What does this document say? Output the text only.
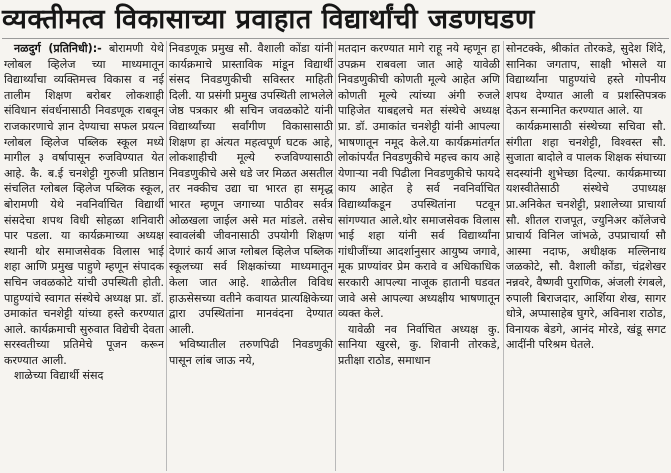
व्यक्तीमत्व विकासाच्या प्रवाहात विद्यार्थांची जडणघडण

नळदुर्ग (प्रतिनिधी):- बोरामणी येथे ग्लोबल व्हिलेज च्या माध्यमातून विद्यार्थ्यांचा व्यक्तिमत्त्व विकास व नई तालीम शिक्षण बरोबर लोकशाही संविधान संवर्धनासाठी निवडणूक राबवून राजकारणाचे ज्ञान देण्याचा सफल प्रयत्न ग्लोबल व्हिलेज पब्लिक स्कूल मध्ये मागील ३ वर्षापासून रुजविण्यात येत आहे. कै. ब.ई चनशेट्टी गुरुजी प्रतिष्ठान संचलित ग्लोबल व्हिलेज पब्लिक स्कूल, बोरामणी येथे नवनिर्वाचित विद्यार्थी संसदेचा शपथ विधी सोहळा शनिवारी पार पडला. या कार्यक्रमाच्या अध्यक्ष स्थानी थोर समाजसेवक विलास भाई शहा आणि प्रमुख पाहुणे म्हणून संपादक सचिन जवळकोटे यांची उपस्थिती होती. पाहुण्यांचे स्वागत संस्थेचे अध्यक्ष प्रा. डॉ. उमाकांत चनशेट्टी यांच्या हस्ते करण्यात आले. कार्यक्रमाची सुरुवात विद्येची देवता सरस्वतीच्या प्रतिमेचे पूजन करून करण्यात आली.

शाळेच्या विद्यार्थी संसद

निवडणूक प्रमुख सौ. वैशाली कोंडा यांनी कार्यक्रमाचे प्रास्ताविक मांडून विद्यार्थी संसद निवडणुकीची सविस्तर माहिती दिली. या प्रसंगी प्रमुख उपस्थिती लाभलेले जेष्ठ पत्रकार श्री सचिन जवळकोटे यांनी विद्यार्थ्यांच्या सर्वांगीण विकासासाठी शिक्षण हा अंत्यत महत्वपूर्ण घटक आहे, लोकशाहीची मूल्ये रुजविण्यासाठी निवडणुकीचे असे धडे जर मिळत असतील तर नक्कीच उद्या चा भारत हा समृद्ध भारत म्हणून जगाच्या पाठीवर सर्वत्र ओळखला जाईल असे मत मांडले. तसेच स्वावलंबी जीवनासाठी उपयोगी शिक्षण देणारं कार्य आज ग्लोबल व्हिलेज पब्लिक स्कूलच्या सर्व शिक्षकांच्या माध्यमातून केला जात आहे. शाळेतील विविध हाऊसेसच्या वतीने कवायत प्रात्यक्षिकेच्या द्वारा उपस्थितांना मानवंदना देण्यात आली.

भविष्यातील तरुणपिढी निवडणुकी पासून लांब जाऊ नये,

मतदान करण्यात मागे राहू नये म्हणून हा उपक्रम राबवला जात आहे यावेळी निवडणुकीची कोणती मूल्ये आहेत अणि कोणती मूल्ये त्यांच्या अंगी रुजले पाहिजेत याबद्दलचे मत संस्थेचे अध्यक्ष प्रा. डॉ. उमाकांत चनशेट्टी यांनी आपल्या भाषणातून नमूद केले.या कार्यक्रमांतर्गत लोकांपर्यंत निवडणुकीचे महत्त्व काय आहे येणाऱ्या नवी पिढीला निवडणुकीचे फायदे काय आहेत हे सर्व नवनिर्वाचित विद्यार्थ्यांकडून उपस्थितांना पटवून सांगण्यात आले.थोर समाजसेवक विलास भाई शहा यांनी सर्व विद्यार्थ्यांना गांधीजींच्या आदर्शानुसार आयुष्य जगावे, मूक प्राण्यांवर प्रेम करावे व अधिकाधिक सरकारी आपल्या नाजूक हातानी घडवत जावे असे आपल्या अध्यक्षीय भाषणातून व्यक्त केले.

यावेळी नव निर्वाचित अध्यक्ष कु. सानिया खुरसे, कु. शिवानी तोरकडे, प्रतीक्षा राठोड, समाधान

सोनटक्के, श्रीकांत तोरकडे, सुदेश शिंदे, सानिका जगताप, साक्षी भोसले या विद्यार्थ्यांना पाहुण्यांचे हस्ते गोपनीय शपथ देण्यात आली व प्रशस्तिपत्रक देऊन सन्मानित करण्यात आले. या

कार्यक्रमासाठी संस्थेच्या सचिवा सौ. संगीता शहा चनशेट्टी, विश्वस्त सौ. सुजाता बादोले व पालक शिक्षक संघाच्या सदस्यांनी शुभेच्छा दिल्या. कार्यक्रमाच्या यशस्वीतेसाठी संस्थेचे उपाध्यक्ष प्रा.अनिकेत चनशेट्टी, प्रशालेच्या प्राचार्या सौ. शीतल राजपूत, ज्युनिअर कॉलेजचे प्राचार्य विनिल जांभळे, उपप्राचार्या सौ आस्मा नदाफ, अधीक्षक मल्लिनाथ जळकोटे, सौ. वैशाली कोंडा, चंद्रशेखर नन्नवरे, वैष्णवी पुराणिक, अंजली रंगबले, रुपाली बिराजदार, आर्शिया शेख, सागर धोत्रे, अप्पासाहेब घुगरे, अविनाश राठोड, विनायक बेडगे, आनंद मोरडे, खंडू सगट आदींनी परिश्रम घेतले.
